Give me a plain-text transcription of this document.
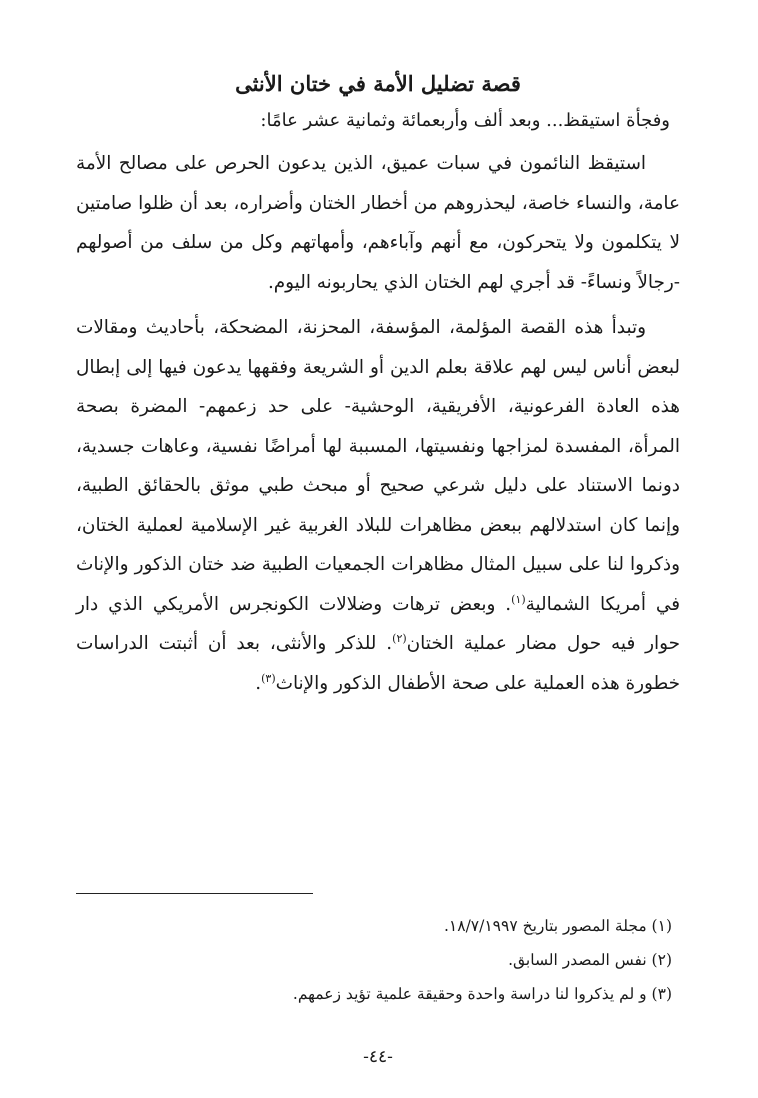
قصة تضليل الأمة في ختان الأنثى

وفجأة استيقظ... وبعد ألف وأربعمائة وثمانية عشر عامًا:

استيقظ النائمون في سبات عميق، الذين يدعون الحرص على مصالح الأمة عامة، والنساء خاصة، ليحذروهم من أخطار الختان وأضراره، بعد أن ظلوا صامتين لا يتكلمون ولا يتحركون، مع أنهم وآباءهم، وأمهاتهم وكل من سلف من أصولهم -رجالاً ونساءً- قد أجري لهم الختان الذي يحاربونه اليوم.

وتبدأ هذه القصة المؤلمة، المؤسفة، المحزنة، المضحكة، بأحاديث ومقالات لبعض أناس ليس لهم علاقة بعلم الدين أو الشريعة وفقهها يدعون فيها إلى إبطال هذه العادة الفرعونية، الأفريقية، الوحشية- على حد زعمهم- المضرة بصحة المرأة، المفسدة لمزاجها ونفسيتها، المسببة لها أمراضًا نفسية، وعاهات جسدية، دونما الاستناد على دليل شرعي صحيح أو مبحث طبي موثق بالحقائق الطبية، وإنما كان استدلالهم ببعض مظاهرات للبلاد الغربية غير الإسلامية لعملية الختان، وذكروا لنا على سبيل المثال مظاهرات الجمعيات الطبية ضد ختان الذكور والإناث في أمريكا الشمالية$^{(١)}$. وبعض ترهات وضلالات الكونجرس الأمريكي الذي دار حوار فيه حول مضار عملية الختان$^{(٢)}$. للذكر والأنثى، بعد أن أثبتت الدراسات خطورة هذه العملية على صحة الأطفال الذكور والإناث$^{(٣)}$.

(١) مجلة المصور بتاريخ ١٨/٧/١٩٩٧.

(٢) نفس المصدر السابق.

(٣) و لم يذكروا لنا دراسة واحدة وحقيقة علمية تؤيد زعمهم.

-٤٤-
